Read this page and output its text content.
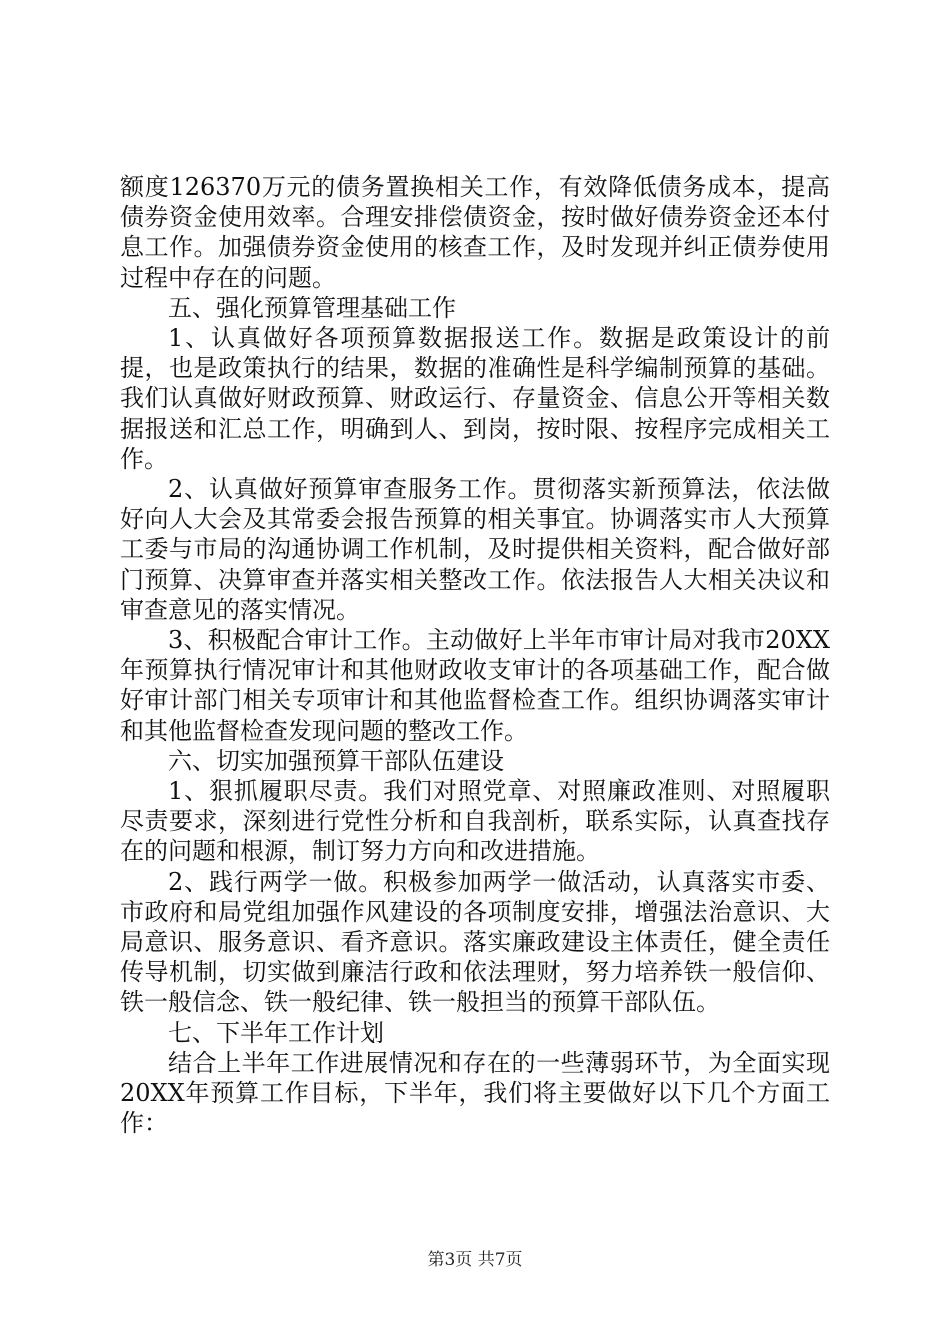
额度126370万元的债务置换相关工作，有效降低债务成本，提高债券资金使用效率。合理安排偿债资金，按时做好债券资金还本付息工作。加强债券资金使用的核查工作，及时发现并纠正债券使用过程中存在的问题。

五、强化预算管理基础工作

1、认真做好各项预算数据报送工作。数据是政策设计的前提，也是政策执行的结果，数据的准确性是科学编制预算的基础。我们认真做好财政预算、财政运行、存量资金、信息公开等相关数据报送和汇总工作，明确到人、到岗，按时限、按程序完成相关工作。

2、认真做好预算审查服务工作。贯彻落实新预算法，依法做好向人大会及其常委会报告预算的相关事宜。协调落实市人大预算工委与市局的沟通协调工作机制，及时提供相关资料，配合做好部门预算、决算审查并落实相关整改工作。依法报告人大相关决议和审查意见的落实情况。

3、积极配合审计工作。主动做好上半年市审计局对我市20XX年预算执行情况审计和其他财政收支审计的各项基础工作，配合做好审计部门相关专项审计和其他监督检查工作。组织协调落实审计和其他监督检查发现问题的整改工作。

六、切实加强预算干部队伍建设

1、狠抓履职尽责。我们对照党章、对照廉政准则、对照履职尽责要求，深刻进行党性分析和自我剖析，联系实际，认真查找存在的问题和根源，制订努力方向和改进措施。

2、践行两学一做。积极参加两学一做活动，认真落实市委、市政府和局党组加强作风建设的各项制度安排，增强法治意识、大局意识、服务意识、看齐意识。落实廉政建设主体责任，健全责任传导机制，切实做到廉洁行政和依法理财，努力培养铁一般信仰、铁一般信念、铁一般纪律、铁一般担当的预算干部队伍。

七、下半年工作计划

结合上半年工作进展情况和存在的一些薄弱环节，为全面实现20XX年预算工作目标，下半年，我们将主要做好以下几个方面工作：

第3页 共7页
